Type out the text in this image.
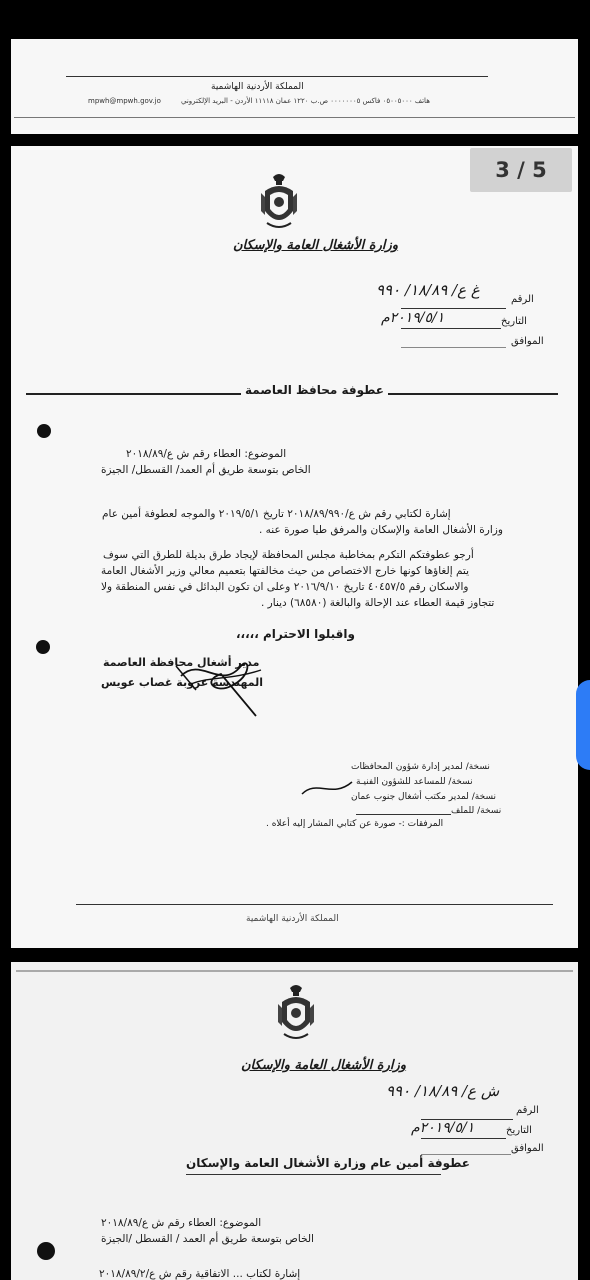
المملكة الأردنية الهاشمية
هاتف ٠٥٠٠٥٠٠٠ فاكس ٠٠٠٠٠٠٠٥ ص.ب ١٢٢٠ عمان ١١١١٨ الأردن - البريد الإلكتروني
mpwh@mpwh.gov.jo
3 / 5
وزارة الأشغال العامة والإسكان
الرقم
غ ع/ ١٨/٨٩/ ٩٩٠
التاريخ
٢٠١٩/٥/١م
الموافق
عطوفة محافظ العاصمة
الموضوع: العطاء رقم ش ع/٢٠١٨/٨٩
الخاص بتوسعة طريق أم العمد/ القسطل/ الجيزة
إشارة لكتابي رقم ش ع/٢٠١٨/٨٩/٩٩٠ تاريخ ٢٠١٩/٥/١ والموجه لعطوفة أمين عام
وزارة الأشغال العامة والإسكان والمرفق طيا صورة عنه .
أرجو عطوفتكم التكرم بمخاطبة مجلس المحافظة لإيجاد طرق بديلة للطرق التي سوف
يتم إلغاؤها كونها خارج الاختصاص من حيث مخالفتها بتعميم معالي وزير الأشغال العامة
والاسكان رقم ٤٠٤٥٧/٥ تاريخ ٢٠١٦/٩/١٠ وعلى ان تكون البدائل في نفس المنطقة ولا
تتجاوز قيمة العطاء عند الإحالة والبالغة (٦٨٥٨٠) دينار .
واقبلوا الاحترام ،،،،،
مدير أشغال محافظة العاصمة
المهندسة عروبة غصاب عويس
نسخة/ لمدير إدارة شؤون المحافظات
نسخة/ للمساعد للشؤون الفنيـة
نسخة/ لمدير مكتب أشغال جنوب عمان
نسخة/ للملف
المرفقات :- صورة عن كتابي المشار إليه أعلاه .
المملكة الأردنية الهاشمية
وزارة الأشغال العامة والإسكان
الرقم
ش ع/ ١٨/٨٩/ ٩٩٠
التاريخ
٢٠١٩/٥/١م
الموافق
عطوفة أمين عام وزارة الأشغال العامة والإسكان
الموضوع: العطاء رقم ش ع/٢٠١٨/٨٩
الخاص بتوسعة طريق أم العمد / القسطل /الجيزة
إشارة لكتاب ... الاتفاقية رقم ش ع/٢٠١٨/٨٩/٢
